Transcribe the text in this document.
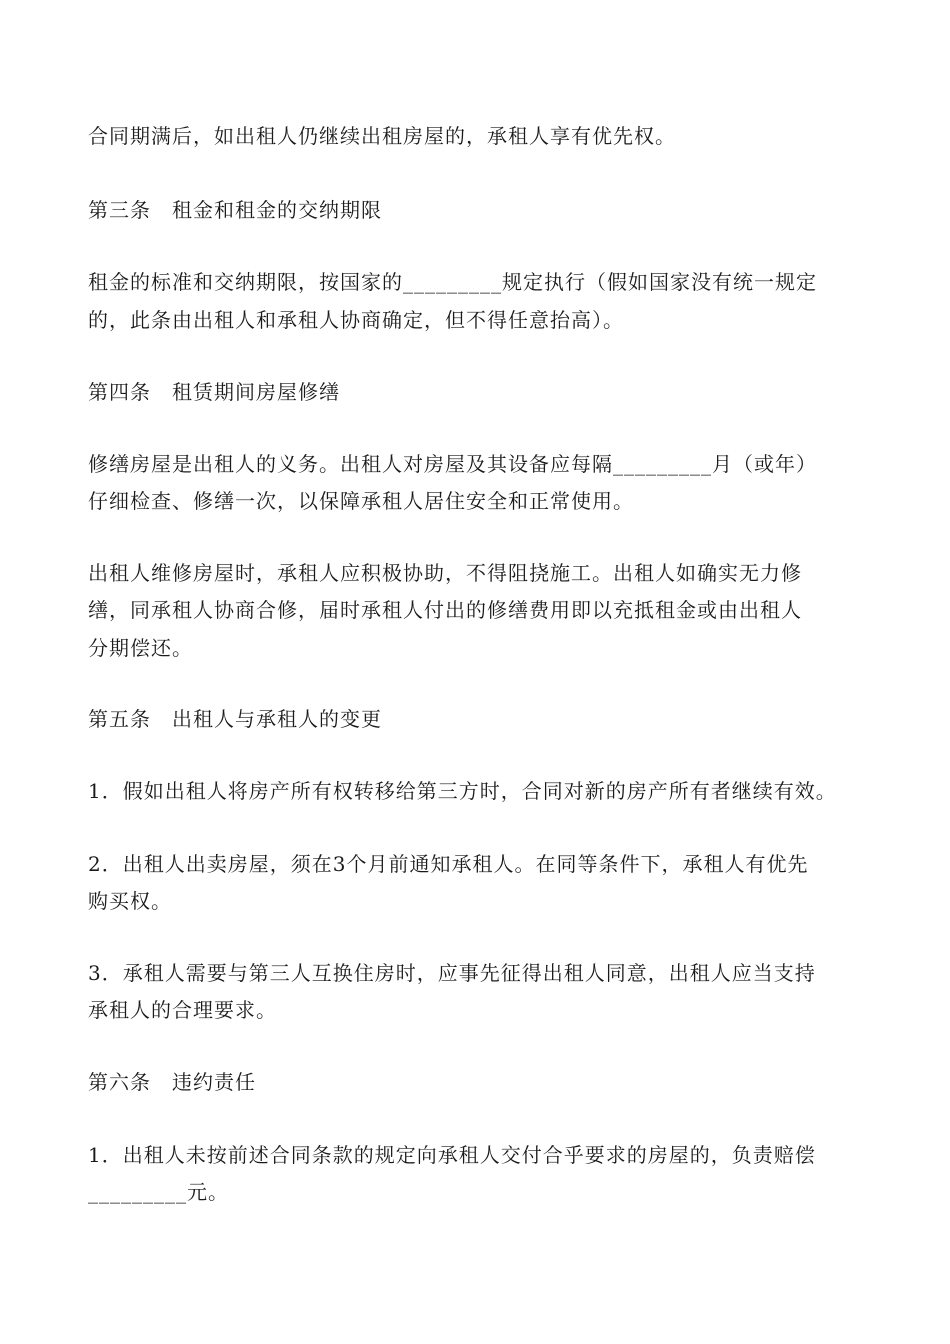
合同期满后，如出租人仍继续出租房屋的，承租人享有优先权。
第三条　租金和租金的交纳期限
租金的标准和交纳期限，按国家的_________规定执行（假如国家没有统一规定
的，此条由出租人和承租人协商确定，但不得任意抬高）。
第四条　租赁期间房屋修缮
修缮房屋是出租人的义务。出租人对房屋及其设备应每隔_________月（或年）
仔细检查、修缮一次，以保障承租人居住安全和正常使用。
出租人维修房屋时，承租人应积极协助，不得阻挠施工。出租人如确实无力修
缮，同承租人协商合修，届时承租人付出的修缮费用即以充抵租金或由出租人
分期偿还。
第五条　出租人与承租人的变更
1．假如出租人将房产所有权转移给第三方时，合同对新的房产所有者继续有效。
2．出租人出卖房屋，须在3个月前通知承租人。在同等条件下，承租人有优先
购买权。
3．承租人需要与第三人互换住房时，应事先征得出租人同意，出租人应当支持
承租人的合理要求。
第六条　违约责任
1．出租人未按前述合同条款的规定向承租人交付合乎要求的房屋的，负责赔偿
_________元。
